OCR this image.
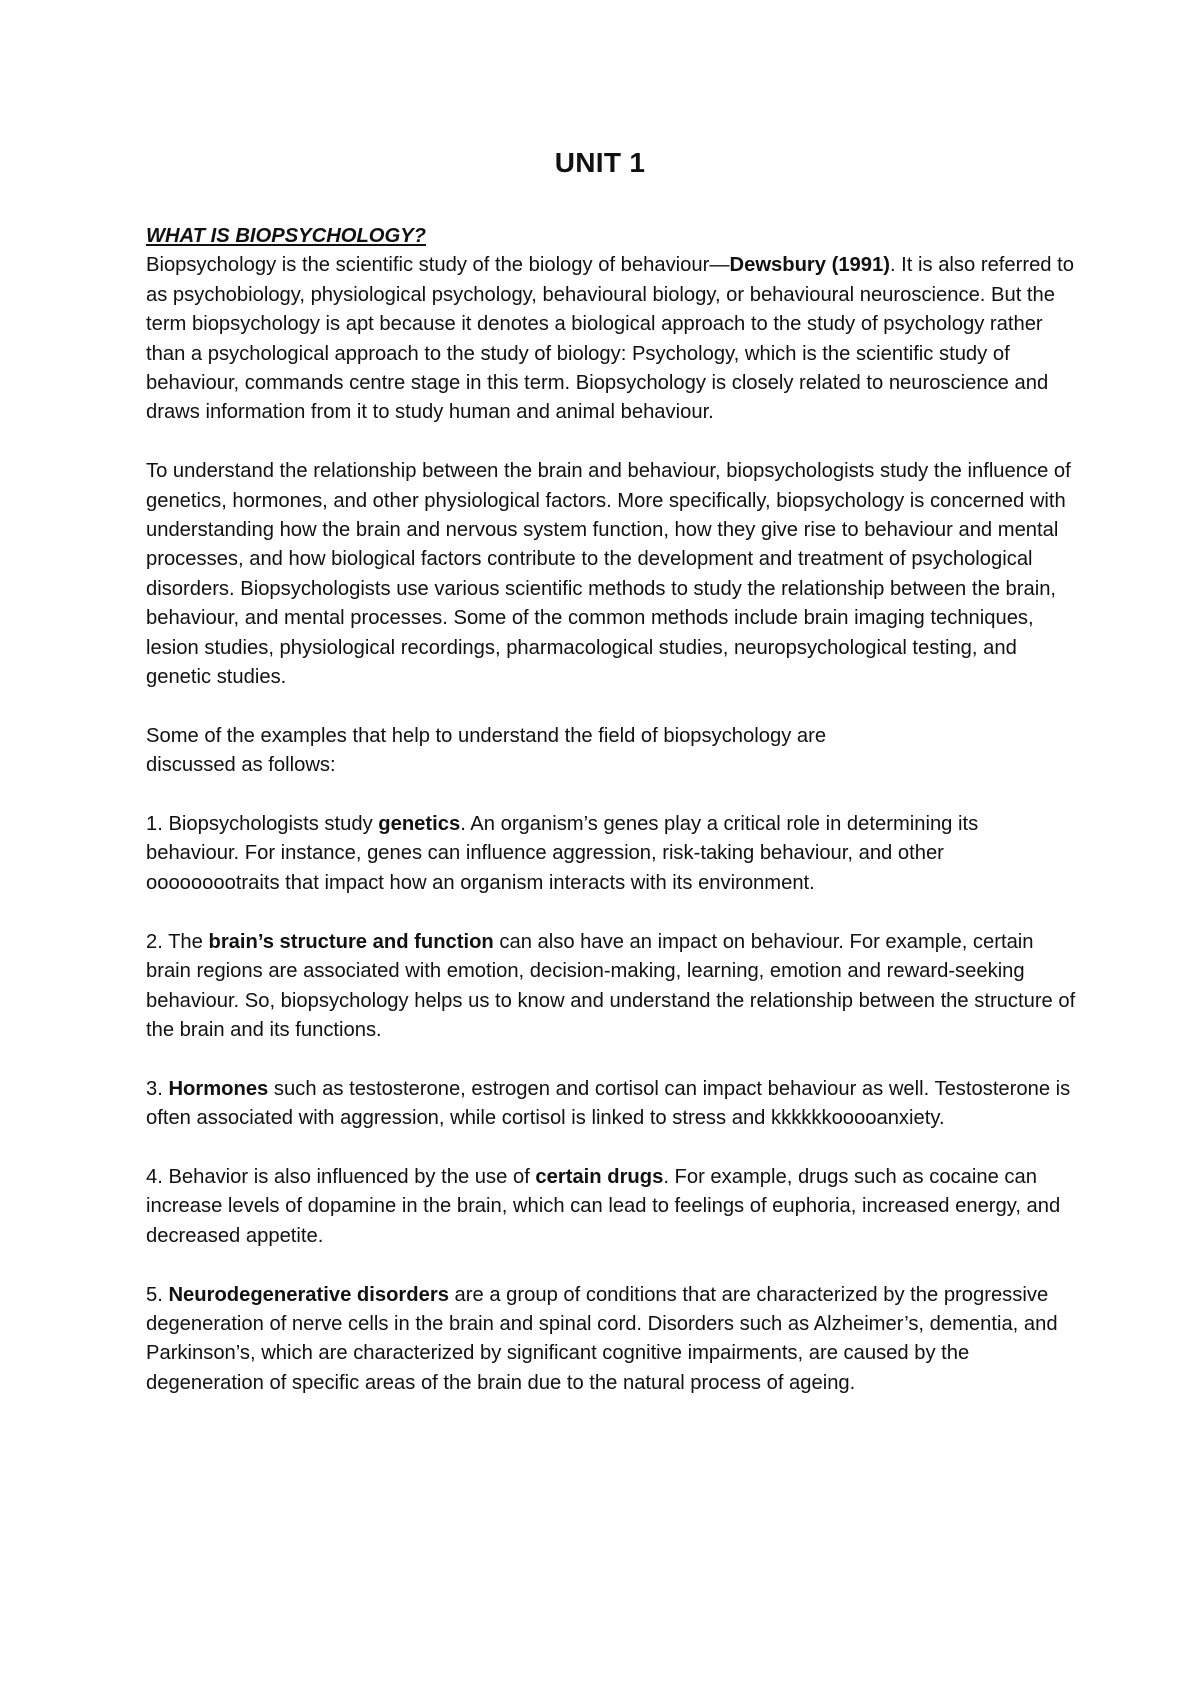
UNIT 1
WHAT IS BIOPSYCHOLOGY?

Biopsychology is the scientific study of the biology of behaviour—Dewsbury (1991). It is also referred to as psychobiology, physiological psychology, behavioural biology, or behavioural neuroscience. But the term biopsychology is apt because it denotes a biological approach to the study of psychology rather than a psychological approach to the study of biology: Psychology, which is the scientific study of behaviour, commands centre stage in this term. Biopsychology is closely related to neuroscience and draws information from it to study human and animal behaviour.

To understand the relationship between the brain and behaviour, biopsychologists study the influence of genetics, hormones, and other physiological factors. More specifically, biopsychology is concerned with understanding how the brain and nervous system function, how they give rise to behaviour and mental processes, and how biological factors contribute to the development and treatment of psychological disorders. Biopsychologists use various scientific methods to study the relationship between the brain, behaviour, and mental processes. Some of the common methods include brain imaging techniques, lesion studies, physiological recordings, pharmacological studies, neuropsychological testing, and genetic studies.

Some of the examples that help to understand the field of biopsychology are
discussed as follows:

1. Biopsychologists study genetics. An organism’s genes play a critical role in determining its behaviour. For instance, genes can influence aggression, risk-taking behaviour, and other ooooooootraits that impact how an organism interacts with its environment.

2. The brain’s structure and function can also have an impact on behaviour. For example, certain brain regions are associated with emotion, decision-making, learning, emotion and reward-seeking behaviour. So, biopsychology helps us to know and understand the relationship between the structure of the brain and its functions.

3. Hormones such as testosterone, estrogen and cortisol can impact behaviour as well. Testosterone is often associated with aggression, while cortisol is linked to stress and kkkkkkooooanxiety.

4. Behavior is also influenced by the use of certain drugs. For example, drugs such as cocaine can increase levels of dopamine in the brain, which can lead to feelings of euphoria, increased energy, and decreased appetite.

5. Neurodegenerative disorders are a group of conditions that are characterized by the progressive degeneration of nerve cells in the brain and spinal cord. Disorders such as Alzheimer’s, dementia, and Parkinson’s, which are characterized by significant cognitive impairments, are caused by the degeneration of specific areas of the brain due to the natural process of ageing.
